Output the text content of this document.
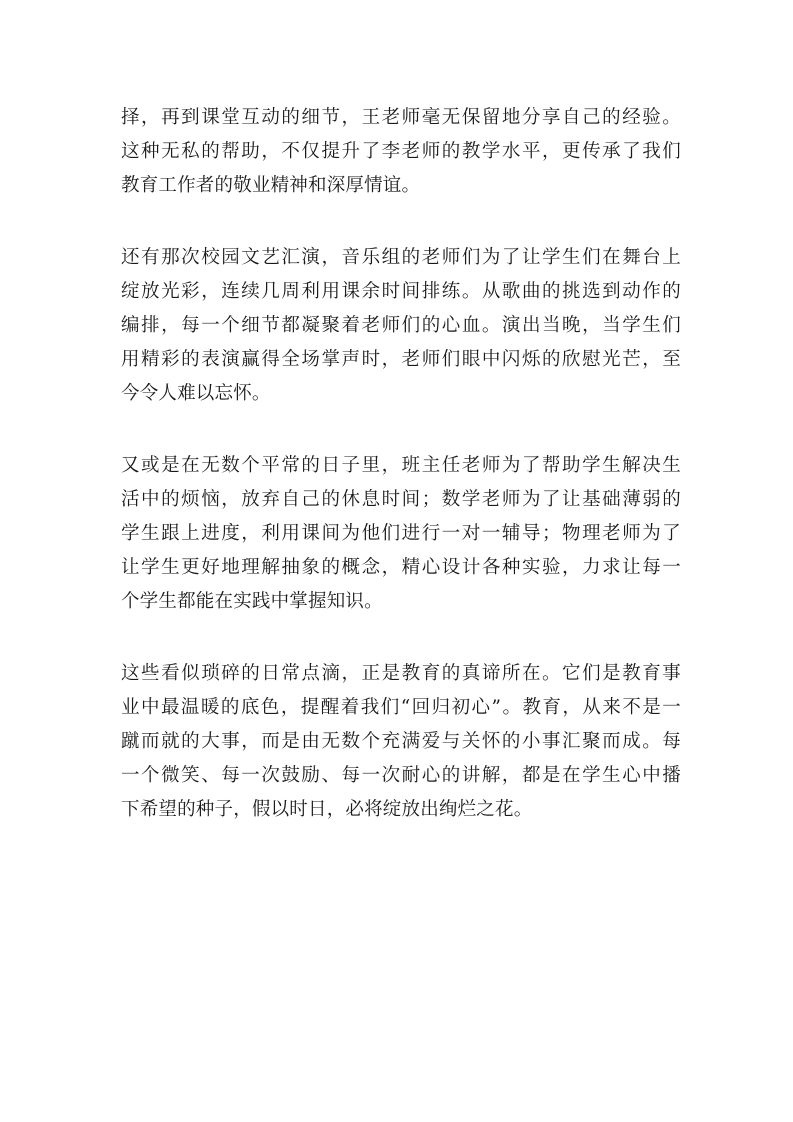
择，再到课堂互动的细节，王老师毫无保留地分享自己的经验。
这种无私的帮助，不仅提升了李老师的教学水平，更传承了我们
教育工作者的敬业精神和深厚情谊。
还有那次校园文艺汇演，音乐组的老师们为了让学生们在舞台上
绽放光彩，连续几周利用课余时间排练。从歌曲的挑选到动作的
编排，每一个细节都凝聚着老师们的心血。演出当晚，当学生们
用精彩的表演赢得全场掌声时，老师们眼中闪烁的欣慰光芒，至
今令人难以忘怀。
又或是在无数个平常的日子里，班主任老师为了帮助学生解决生
活中的烦恼，放弃自己的休息时间；数学老师为了让基础薄弱的
学生跟上进度，利用课间为他们进行一对一辅导；物理老师为了
让学生更好地理解抽象的概念，精心设计各种实验，力求让每一
个学生都能在实践中掌握知识。
这些看似琐碎的日常点滴，正是教育的真谛所在。它们是教育事
业中最温暖的底色，提醒着我们“回归初心”。教育，从来不是一
蹴而就的大事，而是由无数个充满爱与关怀的小事汇聚而成。每
一个微笑、每一次鼓励、每一次耐心的讲解，都是在学生心中播
下希望的种子，假以时日，必将绽放出绚烂之花。
